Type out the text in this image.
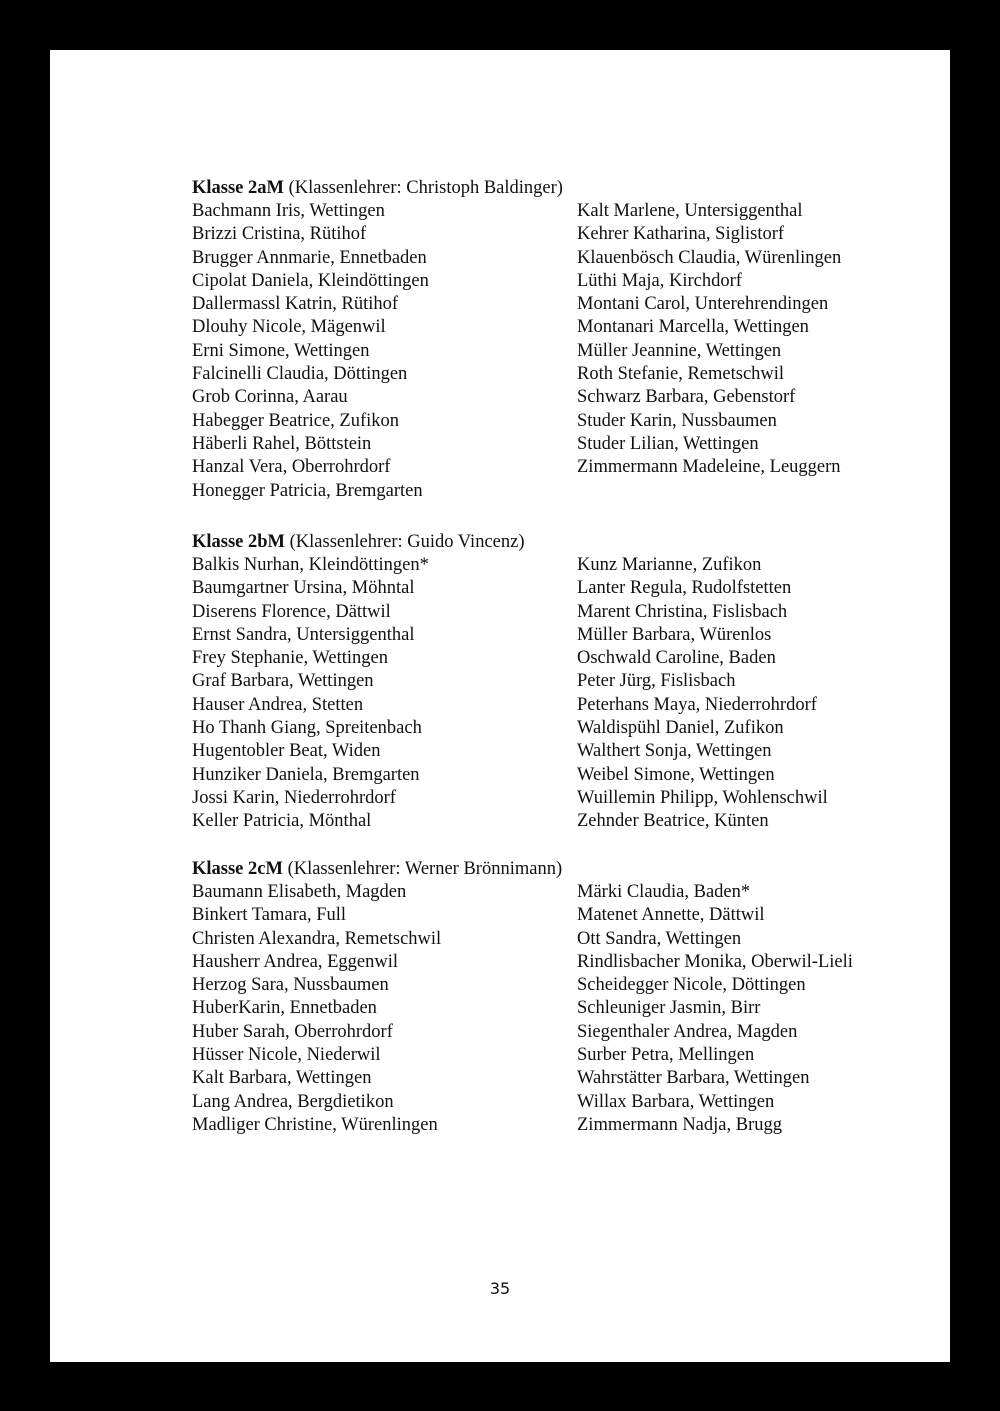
Klasse 2aM (Klassenlehrer: Christoph Baldinger)
Bachmann Iris, Wettingen
Brizzi Cristina, Rütihof
Brugger Annmarie, Ennetbaden
Cipolat Daniela, Kleindöttingen
Dallermassl Katrin, Rütihof
Dlouhy Nicole, Mägenwil
Erni Simone, Wettingen
Falcinelli Claudia, Döttingen
Grob Corinna, Aarau
Habegger Beatrice, Zufikon
Häberli Rahel, Böttstein
Hanzal Vera, Oberrohrdorf
Honegger Patricia, Bremgarten
Kalt Marlene, Untersiggenthal
Kehrer Katharina, Siglistorf
Klauenbösch Claudia, Würenlingen
Lüthi Maja, Kirchdorf
Montani Carol, Unterehrendingen
Montanari Marcella, Wettingen
Müller Jeannine, Wettingen
Roth Stefanie, Remetschwil
Schwarz Barbara, Gebenstorf
Studer Karin, Nussbaumen
Studer Lilian, Wettingen
Zimmermann Madeleine, Leuggern
Klasse 2bM (Klassenlehrer: Guido Vincenz)
Balkis Nurhan, Kleindöttingen*
Baumgartner Ursina, Möhntal
Diserens Florence, Dättwil
Ernst Sandra, Untersiggenthal
Frey Stephanie, Wettingen
Graf Barbara, Wettingen
Hauser Andrea, Stetten
Ho Thanh Giang, Spreitenbach
Hugentobler Beat, Widen
Hunziker Daniela, Bremgarten
Jossi Karin, Niederrohrdorf
Keller Patricia, Mönthal
Kunz Marianne, Zufikon
Lanter Regula, Rudolfstetten
Marent Christina, Fislisbach
Müller Barbara, Würenlos
Oschwald Caroline, Baden
Peter Jürg, Fislisbach
Peterhans Maya, Niederrohrdorf
Waldispühl Daniel, Zufikon
Walthert Sonja, Wettingen
Weibel Simone, Wettingen
Wuillemin Philipp, Wohlenschwil
Zehnder Beatrice, Künten
Klasse 2cM (Klassenlehrer: Werner Brönnimann)
Baumann Elisabeth, Magden
Binkert Tamara, Full
Christen Alexandra, Remetschwil
Hausherr Andrea, Eggenwil
Herzog Sara, Nussbaumen
HuberKarin, Ennetbaden
Huber Sarah, Oberrohrdorf
Hüsser Nicole, Niederwil
Kalt Barbara, Wettingen
Lang Andrea, Bergdietikon
Madliger Christine, Würenlingen
Märki Claudia, Baden*
Matenet Annette, Dättwil
Ott Sandra, Wettingen
Rindlisbacher Monika, Oberwil-Lieli
Scheidegger Nicole, Döttingen
Schleuniger Jasmin, Birr
Siegenthaler Andrea, Magden
Surber Petra, Mellingen
Wahrstätter Barbara, Wettingen
Willax Barbara, Wettingen
Zimmermann Nadja, Brugg
35
